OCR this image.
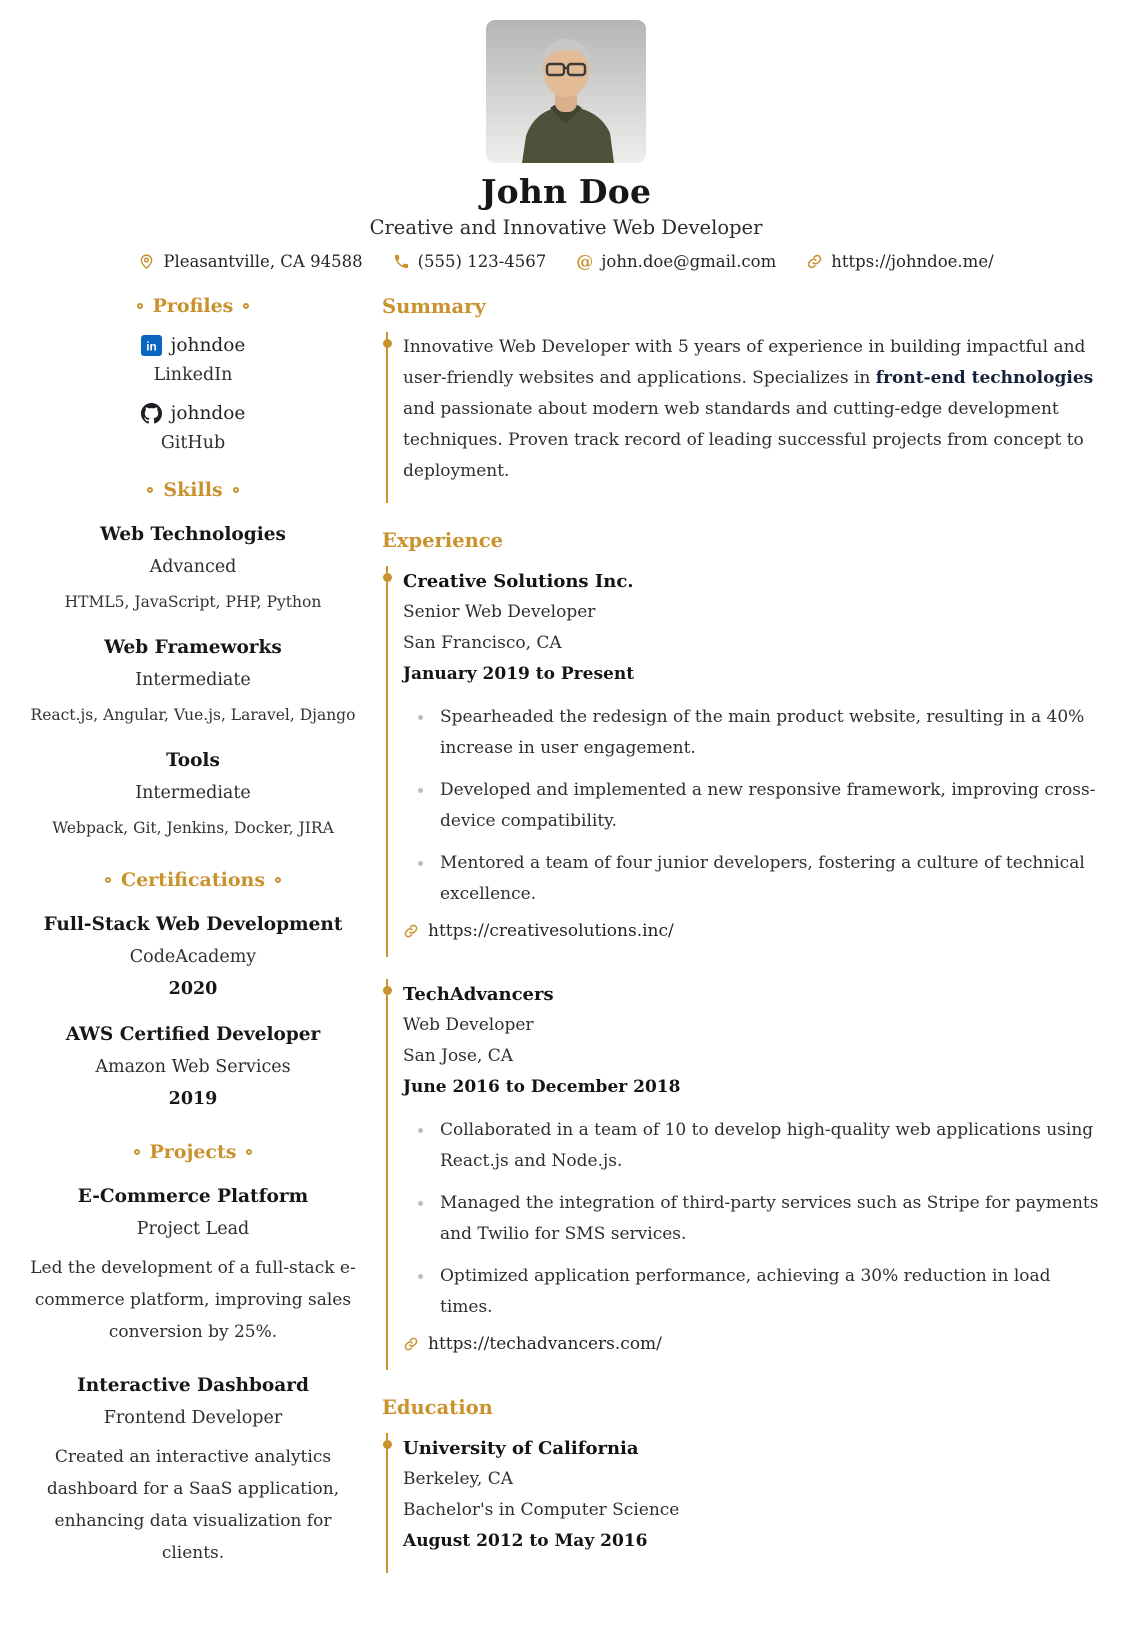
John Doe
Creative and Innovative Web Developer
Pleasantville, CA 94588	(555) 123-4567 @ john.doe@gmail.com	https://johndoe.me/
Profiles
in johndoe
LinkedIn
johndoe
GitHub
Skills
Web Technologies
Advanced
HTML5, JavaScript, PHP, Python
Web Frameworks
Intermediate
React.js, Angular, Vue.js, Laravel, Django
Tools
Intermediate
Webpack, Git, Jenkins, Docker, JIRA
Certifications
Full-Stack Web Development
CodeAcademy
2020
AWS Certified Developer
Amazon Web Services
2019
Projects
E-Commerce Platform
Project Lead
Led the development of a full-stack e-commerce platform, improving sales conversion by 25%.
Interactive Dashboard
Frontend Developer
Created an interactive analytics dashboard for a SaaS application, enhancing data visualization for clients.
Summary

Innovative Web Developer with 5 years of experience in building impactful and user-friendly websites and applications. Specializes in front-end technologies and passionate about modern web standards and cutting-edge development techniques. Proven track record of leading successful projects from concept to deployment.

Experience
Creative Solutions Inc.
Senior Web Developer
San Francisco, CA
January 2019 to Present
Spearheaded the redesign of the main product website, resulting in a 40% increase in user engagement.
Developed and implemented a new responsive framework, improving cross-device compatibility.
Mentored a team of four junior developers, fostering a culture of technical excellence.
https://creativesolutions.inc/
TechAdvancers
Web Developer
San Jose, CA
June 2016 to December 2018
Collaborated in a team of 10 to develop high-quality web applications using React.js and Node.js.
Managed the integration of third-party services such as Stripe for payments and Twilio for SMS services.
Optimized application performance, achieving a 30% reduction in load times.
https://techadvancers.com/
Education
University of California
Berkeley, CA
Bachelor's in Computer Science
August 2012 to May 2016
